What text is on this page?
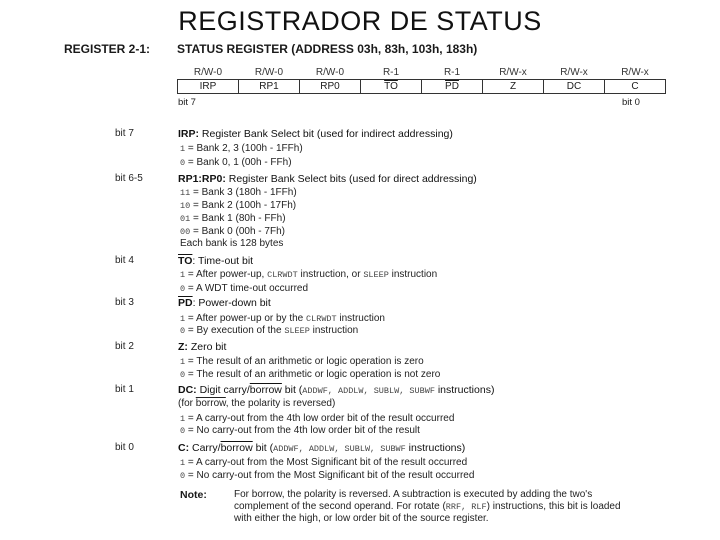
REGISTRADOR DE STATUS
REGISTER 2-1: STATUS REGISTER (ADDRESS 03h, 83h, 103h, 183h)
R/W-0	R/W-0	R/W-0	R-1	R-1	R/W-x	R/W-x	R/W-x
IRP	RP1	RP0	$\overline{TO}$	$\overline{PD}$	Z	DC	C
bit 7	bit 0
bit 7	IRP: Register Bank Select bit (used for indirect addressing)
1 = Bank 2, 3 (100h - 1FFh)
0 = Bank 0, 1 (00h - FFh)
bit 6-5	RP1:RP0: Register Bank Select bits (used for direct addressing)
11 = Bank 3 (180h - 1FFh)
10 = Bank 2 (100h - 17Fh)
01 = Bank 1 (80h - FFh)
00 = Bank 0 (00h - 7Fh)
Each bank is 128 bytes
bit 4	$\overline{TO}$: Time-out bit
1 = After power-up, CLRWDT instruction, or SLEEP instruction
0 = A WDT time-out occurred
bit 3	$\overline{PD}$: Power-down bit
1 = After power-up or by the CLRWDT instruction
0 = By execution of the SLEEP instruction
bit 2	Z: Zero bit
1 = The result of an arithmetic or logic operation is zero
0 = The result of an arithmetic or logic operation is not zero
bit 1	DC: Digit carry/borrow bit (ADDWF, ADDLW, SUBLW, SUBWF instructions)
(for borrow, the polarity is reversed)
1 = A carry-out from the 4th low order bit of the result occurred
0 = No carry-out from the 4th low order bit of the result
bit 0	C: Carry/borrow bit (ADDWF, ADDLW, SUBLW, SUBWF instructions)
1 = A carry-out from the Most Significant bit of the result occurred
0 = No carry-out from the Most Significant bit of the result occurred
Note:	For borrow, the polarity is reversed. A subtraction is executed by adding the two's complement of the second operand. For rotate (RRF, RLF) instructions, this bit is loaded with either the high, or low order bit of the source register.
